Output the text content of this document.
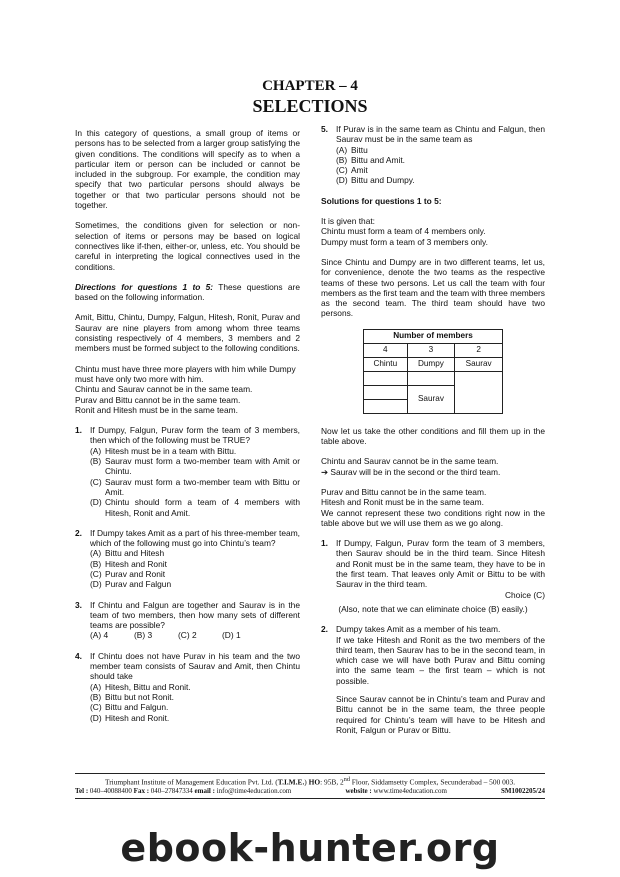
CHAPTER – 4
SELECTIONS

In this category of questions, a small group of items or persons has to be selected from a larger group satisfying the given conditions. The conditions will specify as to when a particular item or person can be included or cannot be included in the subgroup. For example, the condition may specify that two particular persons should always be together or that two particular persons should not be together.

Sometimes, the conditions given for selection or non-selection of items or persons may be based on logical connectives like if-then, either-or, unless, etc. You should be careful in interpreting the logical connectives used in the conditions.

Directions for questions 1 to 5: These questions are based on the following information.

Amit, Bittu, Chintu, Dumpy, Falgun, Hitesh, Ronit, Purav and Saurav are nine players from among whom three teams consisting respectively of 4 members, 3 members and 2 members must be formed subject to the following conditions.

Chintu must have three more players with him while Dumpy must have only two more with him.
Chintu and Saurav cannot be in the same team.
Purav and Bittu cannot be in the same team.
Ronit and Hitesh must be in the same team.

1. If Dumpy, Falgun, Purav form the team of 3 members, then which of the following must be TRUE?
(A) Hitesh must be in a team with Bittu.
(B) Saurav must form a two-member team with Amit or Chintu.
(C) Saurav must form a two-member team with Bittu or Amit.
(D) Chintu should form a team of 4 members with Hitesh, Ronit and Amit.
2. If Dumpy takes Amit as a part of his three-member team, which of the following must go into Chintu’s team?
(A) Bittu and Hitesh
(B) Hitesh and Ronit
(C) Purav and Ronit
(D) Purav and Falgun
3. If Chintu and Falgun are together and Saurav is in the team of two members, then how many sets of different teams are possible?
(A) 4	(B) 3	(C) 2	(D) 1
4. If Chintu does not have Purav in his team and the two member team consists of Saurav and Amit, then Chintu should take
(A) Hitesh, Bittu and Ronit.
(B) Bittu but not Ronit.
(C) Bittu and Falgun.
(D) Hitesh and Ronit.
5. If Purav is in the same team as Chintu and Falgun, then Saurav must be in the same team as
(A) Bittu
(B) Bittu and Amit.
(C) Amit
(D) Bittu and Dumpy.

Solutions for questions 1 to 5:

It is given that:
Chintu must form a team of 4 members only.
Dumpy must form a team of 3 members only.

Since Chintu and Dumpy are in two different teams, let us, for convenience, denote the two teams as the respective teams of these two persons. Let us call the team with four members as the first team and the team with three members as the second team. The third team should have two persons.

Number of members		
4	3	2
Chintu	Dumpy	Saurav

	Saurav	

Now let us take the other conditions and fill them up in the table above.

Chintu and Saurav cannot be in the same team.
➔ Saurav will be in the second or the third team.

Purav and Bittu cannot be in the same team.
Hitesh and Ronit must be in the same team.
We cannot represent these two conditions right now in the table above but we will use them as we go along.

1. If Dumpy, Falgun, Purav form the team of 3 members, then Saurav should be in the third team. Since Hitesh and Ronit must be in the same team, they have to be in the first team. That leaves only Amit or Bittu to be with Saurav in the third team.
Choice (C)

(Also, note that we can eliminate choice (B) easily.)

2. Dumpy takes Amit as a member of his team.
If we take Hitesh and Ronit as the two members of the third team, then Saurav has to be in the second team, in which case we will have both Purav and Bittu coming into the same team – the first team – which is not possible.
Since Saurav cannot be in Chintu’s team and Purav and Bittu cannot be in the same team, the three people required for Chintu’s team will have to be Hitesh and Ronit, Falgun or Purav or Bittu.
Triumphant Institute of Management Education Pvt. Ltd. (T.I.M.E.) HO: 95B, 2nd Floor, Siddamsetty Complex, Secunderabad – 500 003.
Tel : 040–40088400 Fax : 040–27847334 email : info@time4education.com	website : www.time4education.com	SM1002205/24
ebook-hunter.org
